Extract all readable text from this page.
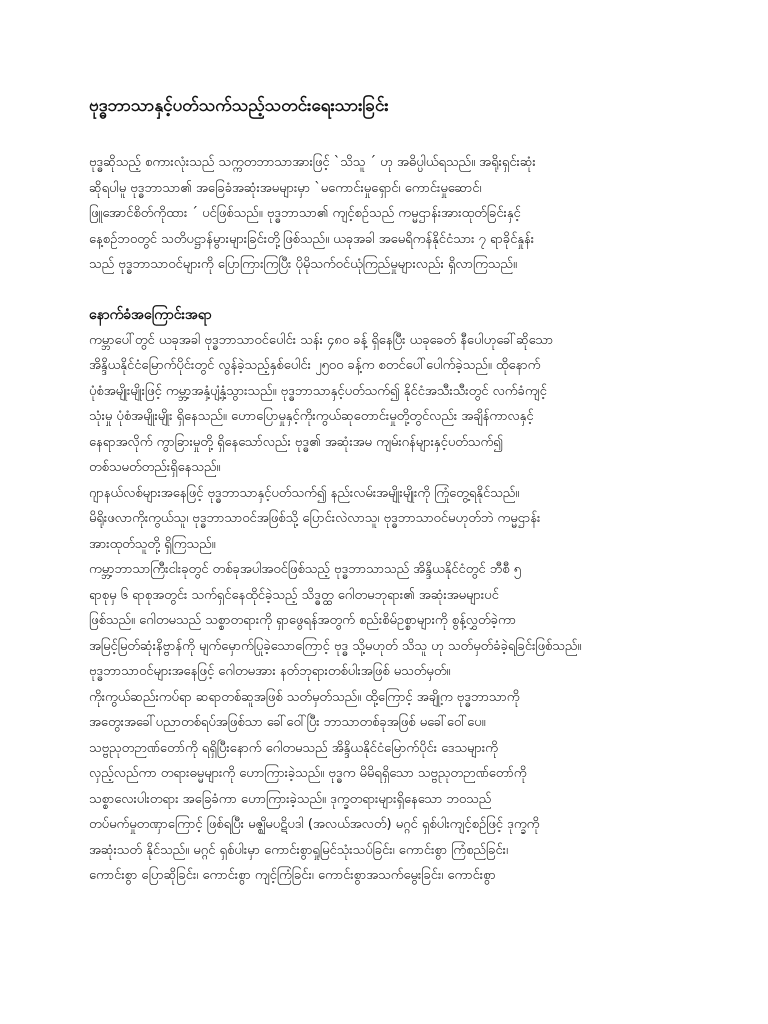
ဗုဒ္ဓဘာသာနှင့်ပတ်သက်သည့်သတင်းရေးသားခြင်း

ဗုဒ္ဓဆိုသည့် စကားလုံးသည် သက္ကတဘာသာအားဖြင့် `သိသူ ´ ဟု အဓိပ္ပါယ်ရသည်။ အရိုးရှင်းဆုံး
ဆိုရပါမူ ဗုဒ္ဓဘာသာ၏ အခြေခံအဆုံးအမများမှာ `မကောင်းမှုရှောင်၊ ကောင်းမှုဆောင်၊
ဖြူအောင်စိတ်ကိုထား ´ ပင်ဖြစ်သည်။ ဗုဒ္ဓဘာသာ၏ ကျင့်စဉ်သည် ကမ္မဌာန်းအားထုတ်ခြင်းနှင့်
နေ့စဉ်ဘဝတွင် သတိပဋ္ဌာန်မွားများခြင်းတို့ဖြစ်သည်။ ယခုအခါ အမေရိကန်နိုင်ငံသား ၇ ရာခိုင်နှုန်း
သည် ဗုဒ္ဓဘာသာဝင်များကို ပြောကြားကြပြီး ပိုမိုသက်ဝင်ယုံကြည်မှုများလည်း ရှိလာကြသည်။

နောက်ခံအကြောင်းအရာ

ကမ္ဘာပေါ်တွင် ယခုအခါ ဗုဒ္ဓဘာသာဝင်ပေါင်း သန်း ၄၈၀ ခန့် ရှိနေပြီး ယခုခေတ် နီပေါဟုခေါ်ဆိုသော
အိန္ဒိယနိုင်ငံမြောက်ပိုင်းတွင် လွန်ခဲ့သည့်နှစ်ပေါင်း ၂၅၀၀ ခန့်က စတင်ပေါ်ပေါက်ခဲ့သည်။ ထိုနောက်
ပုံစံအမျိုးမျိုးဖြင့် ကမ္ဘာ့အနှံ့ပျံ့နှံ့သွားသည်။ ဗုဒ္ဓဘာသာနှင့်ပတ်သက်၍ နိုင်ငံအသီးသီးတွင် လက်ခံကျင့်
သုံးမှု ပုံစံအမျိုးမျိုး ရှိနေသည်။ ဟောပြောမှုနှင့်ကိုးကွယ်ဆုတောင်းမှုတို့တွင်လည်း အချိန်ကာလနှင့်
နေရာအလိုက် ကွာခြားမှုတို့ ရှိနေသော်လည်း ဗုဒ္ဓ၏ အဆုံးအမ ကျမ်းဂန်များနှင့်ပတ်သက်၍
တစ်သမတ်တည်းရှိနေသည်။

ဂျာနယ်လစ်များအနေဖြင့် ဗုဒ္ဓဘာသာနှင့်ပတ်သက်၍ နည်းလမ်းအမျိုးမျိုးကို ကြုံတွေ့ရနိုင်သည်။
မိရိုးဖလာကိုးကွယ်သူ၊ ဗုဒ္ဓဘာသာဝင်အဖြစ်သို့ ပြောင်းလဲလာသူ၊ ဗုဒ္ဓဘာသာဝင်မဟုတ်ဘဲ ကမ္မဌာန်း
အားထုတ်သူတို့ ရှိကြသည်။

ကမ္ဘာ့ဘာသာကြီးငါးခုတွင် တစ်ခုအပါအဝင်ဖြစ်သည့် ဗုဒ္ဓဘာသာသည် အိန္ဒိယနိုင်ငံတွင် ဘီစီ ၅
ရာစုမှ ၆ ရာစုအတွင်း သက်ရှင်နေထိုင်ခဲ့သည့် သိဒ္ဓတ္ထ ဂေါတမဘုရား၏ အဆုံးအမများပင်
ဖြစ်သည်။ ဂေါတမသည် သစ္စာတရားကို ရှာဖွေရန်အတွက် စည်းစိမ်ဥစ္စာများကို စွန့်လွှတ်ခဲ့ကာ
အမြင့်မြတ်ဆုံးနိဗ္ဗာန်ကို မျက်မှောက်ပြုခဲ့သောကြောင့် ဗုဒ္ဓ သို့မဟုတ် သိသူ ဟု သတ်မှတ်ခံခဲ့ရခြင်းဖြစ်သည်။
ဗုဒ္ဓဘာသာဝင်များအနေဖြင့် ဂေါတမအား နတ်ဘုရားတစ်ပါးအဖြစ် မသတ်မှတ်။

ကိုးကွယ်ဆည်းကပ်ရာ ဆရာတစ်ဆူအဖြစ် သတ်မှတ်သည်။ ထို့ကြောင့် အချို့က ဗုဒ္ဓဘာသာကို
အတွေးအခေါ်ပညာတစ်ရပ်အဖြစ်သာ ခေါ်ဝေါ်ပြီး ဘာသာတစ်ခုအဖြစ် မခေါ်ဝေါ်ပေ။
သဗ္ဗညုတဉာဏ်တော်ကို ရရှိပြီးနောက် ဂေါတမသည် အိန္ဒိယနိုင်ငံမြောက်ပိုင်း ဒေသများကို
လှည့်လည်ကာ တရားဓမ္မများကို ဟောကြားခဲ့သည်။ ဗုဒ္ဓက မိမိရရှိသော သဗ္ဗညုတဉာဏ်တော်ကို
သစ္စာလေးပါးတရား အခြေခံကာ ဟောကြားခဲ့သည်။ ဒုက္ခတရားများရှိနေသော ဘဝသည်
တပ်မက်မှုတဏှာကြောင့် ဖြစ်ရပြီး မဇ္ဈိမပဋိပဒါ (အလယ်အလတ်) မဂ္ဂင် ရှစ်ပါးကျင့်စဉ်ဖြင့် ဒုက္ခကို
အဆုံးသတ် နိုင်သည်။ မဂ္ဂင် ရှစ်ပါးမှာ ကောင်းစွာရှုမြင်သုံးသပ်ခြင်း၊ ကောင်းစွာ ကြံစည်ခြင်း၊
ကောင်းစွာ ပြောဆိုခြင်း၊ ကောင်းစွာ ကျင့်ကြံခြင်း၊ ကောင်းစွာအသက်မွေးခြင်း၊ ကောင်းစွာ
